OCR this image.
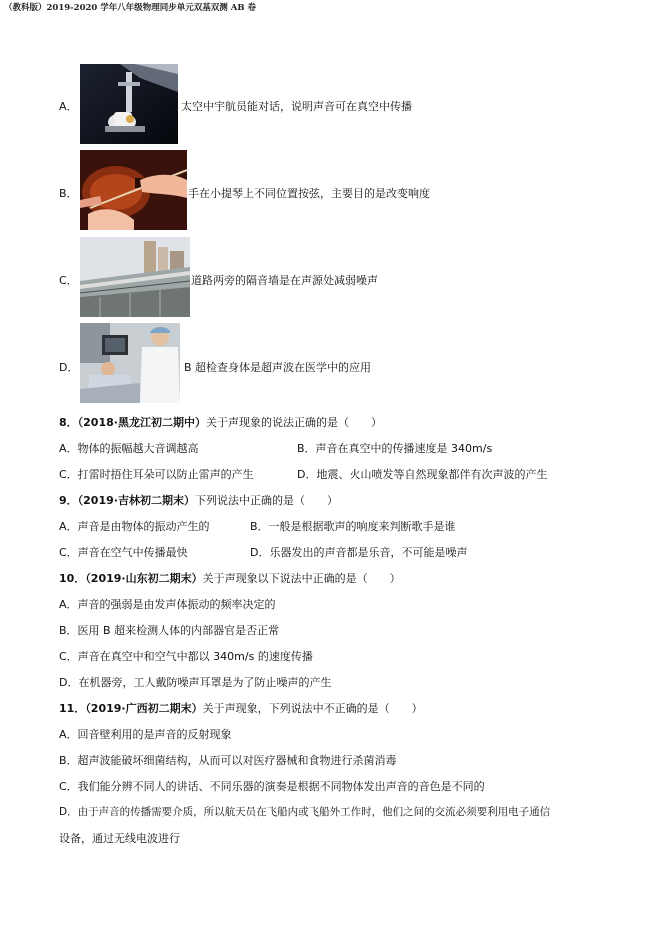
（教科版）2019-2020 学年八年级物理同步单元双基双测 AB 卷
A．	太空中宇航员能对话，说明声音可在真空中传播
B．	手在小提琴上不同位置按弦，主要目的是改变响度
C．	道路两旁的隔音墙是在声源处减弱噪声
D．	B 超检查身体是超声波在医学中的应用
8．（2018·黑龙江初二期中）关于声现象的说法正确的是（　　）
A．物体的振幅越大音调越高	B．声音在真空中的传播速度是 340m/s
C．打雷时捂住耳朵可以防止雷声的产生	D．地震、火山喷发等自然现象都伴有次声波的产生
9．（2019·吉林初二期末）下列说法中正确的是（　　）
A．声音是由物体的振动产生的	B．一般是根据歌声的响度来判断歌手是谁
C．声音在空气中传播最快	D．乐器发出的声音都是乐音，不可能是噪声
10．（2019·山东初二期末）关于声现象以下说法中正确的是（　　）
A．声音的强弱是由发声体振动的频率决定的
B．医用 B 超来检测人体的内部器官是否正常
C．声音在真空中和空气中都以 340m/s 的速度传播
D．在机器旁，工人戴防噪声耳罩是为了防止噪声的产生
11．（2019·广西初二期末）关于声现象，下列说法中不正确的是（　　）
A．回音壁利用的是声音的反射现象
B．超声波能破坏细菌结构，从而可以对医疗器械和食物进行杀菌消毒
C．我们能分辨不同人的讲话、不同乐器的演奏是根据不同物体发出声音的音色是不同的
D．由于声音的传播需要介质，所以航天员在飞船内或飞船外工作时，他们之间的交流必须要利用电子通信
设备，通过无线电波进行
